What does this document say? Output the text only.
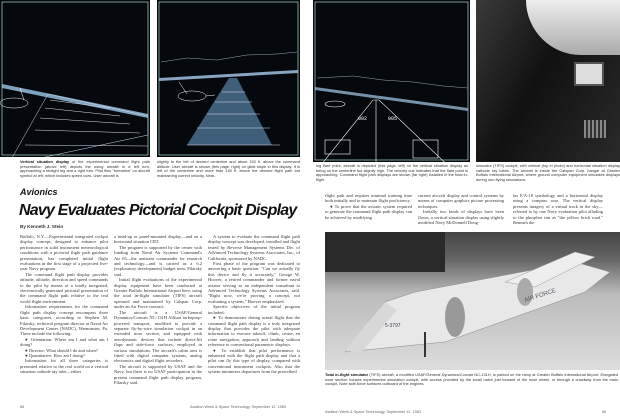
002	005
Vertical situation display of the experimental command flight path presentation (above left) depicts the using aircraft in a left turn, approaching a straight leg and a right turn. Pilot flies "formation" on aircraft symbol at left, which includes speed cues. User aircraft is
slightly to the left of desired centerline and about 150 ft. above the command altitude. User aircraft is shown (this page, right) on glide slope in this display. It is left of the centerline and more than 150 ft. above the desired flight path but maintaining correct velocity. Near-
ing flare point, aircraft is depicted (this page, left) on the vertical situation display as being on the centerline but slightly high. The velocity cue indicates that the flare point is approaching. Command flight path displays are shown (far right) installed in the total in-flight
simulator (TIFS) cockpit, with vertical (top in photo) and horizontal situation display cathode ray tubes. The aircraft is inside the Calspan Corp. hangar at Greater Buffalo International Airport, where ground computer equipment simulates displays during non-flying simulations.
Avionics
Navy Evaluates Pictorial Cockpit Display
By Kenneth J. Stein

Buffalo, N.Y.—Experimental integrated cockpit display concept, designed to enhance pilot performance in solid instrument meteorological conditions with a pictorial flight path guidance presentation, has completed initial flight evaluations in the first stage of a projected five-year Navy program.

The command flight path display provides attitude, altitude, direction and speed commands to the pilot by means of a totally integrated, electronically generated pictorial presentation of the command flight path relative to the real world flight environment.

Information requirements for the command flight path display concept encompass three basic categories, according to Stephen M. Filarsky, technical program director at Naval Air Development Center (NADC), Warminster, Pa. These include the following:

● Orientation: Where am I and what am I doing?

● Director: What should I do and when?

● Quantitative: How am I doing?

Information for all three categories is presented relative to the real world on a vertical situation cathode ray tube—either

a head-up or panel-mounted display—and on a horizontal situation CRT.

The program is supported by the center with funding from Naval Air Systems Command's Air 03—the assistant commander for research and technology—and is carried as a 6.2 (exploratory development) budget item, Filarsky said.

Initial flight evaluations of the experimental display equipment have been conducted at Greater Buffalo International Airport here, using the total in-flight simulator (TIFS) aircraft operated and maintained by Calspan Corp. under an Air Force contract.

The aircraft is a USAF/General Dynamics/Convair NC-131H Allison turboprop-powered transport, modified to provide a separate fly-by-wire simulation cockpit in an extended nose section, and equipped with aerodynamic devices that include direct-lift flaps and side-force surfaces, employed in various simulations. The aircraft's cabin area is fitted with digital computer systems, analog electronics and digital flight recorders.

The aircraft is supported by USAF and the Navy, but there is no USAF participation in the present command flight path display program, Filarsky said.

A system to evaluate the command flight path display concept was developed, installed and flight tested by Reverse Management Systems Div. of Advanced Technology Systems Associates, Inc., of California, sponsored by NADC.

First phase of the program was dedicated to answering a basic question: "Can we actually fly this device and fly it accurately," George W. Hoover, a retired commander and former naval aviator serving as an independent consultant to Advanced Technology Systems Associates, said. "Right now, we're proving a concept, not evaluating a system," Hoover emphasized.

Specific objectives of the initial program included:

● To demonstrate during actual flight that the command flight path display is a truly integrated display that provides the pilot with adequate information to execute takeoff, climb, cruise, en route navigation, approach and landing without reference to conventional parametric displays.

● To establish that pilot performance is enhanced with the flight path display and that a pilot can fly this type of display, compared with conventional instrument cockpits. Also that the system minimizes departures from the prescribed

flight path and requires minimal training time both initially and to maintain flight proficiency.

● To prove that the avionic system required to generate the command flight path display can be achieved by modifying

current aircraft display and control systems by means of computer graphics picture processing techniques.

Initially two kinds of displays have been flown, a vertical situation display using slightly modified Navy McDonnell Doug-

las F/A-18 symbology and a horizontal display using a compass rose. The vertical display presents imagery of a virtual track in the sky—referred to by one Navy evaluation pilot alluding to the phosphor tint as "the yellow brick road." Beneath the

AIR FORCE
5-3797
Total in-flight simulator (TIFS) aircraft, a modified USAF/General Dynamics/Convair NC-131H, is parked on the ramp at Greater Buffalo International Airport. Elongated nose section houses experimental simulation cockpit, with access provided by the small hatch just forward of the nose wheel, or through a crawlway from the main cockpit. Note side-force surfaces outboard of the engines.
88	Aviation Week & Space Technology, September 12, 1983
Aviation Week & Space Technology, September 12, 1983	89
